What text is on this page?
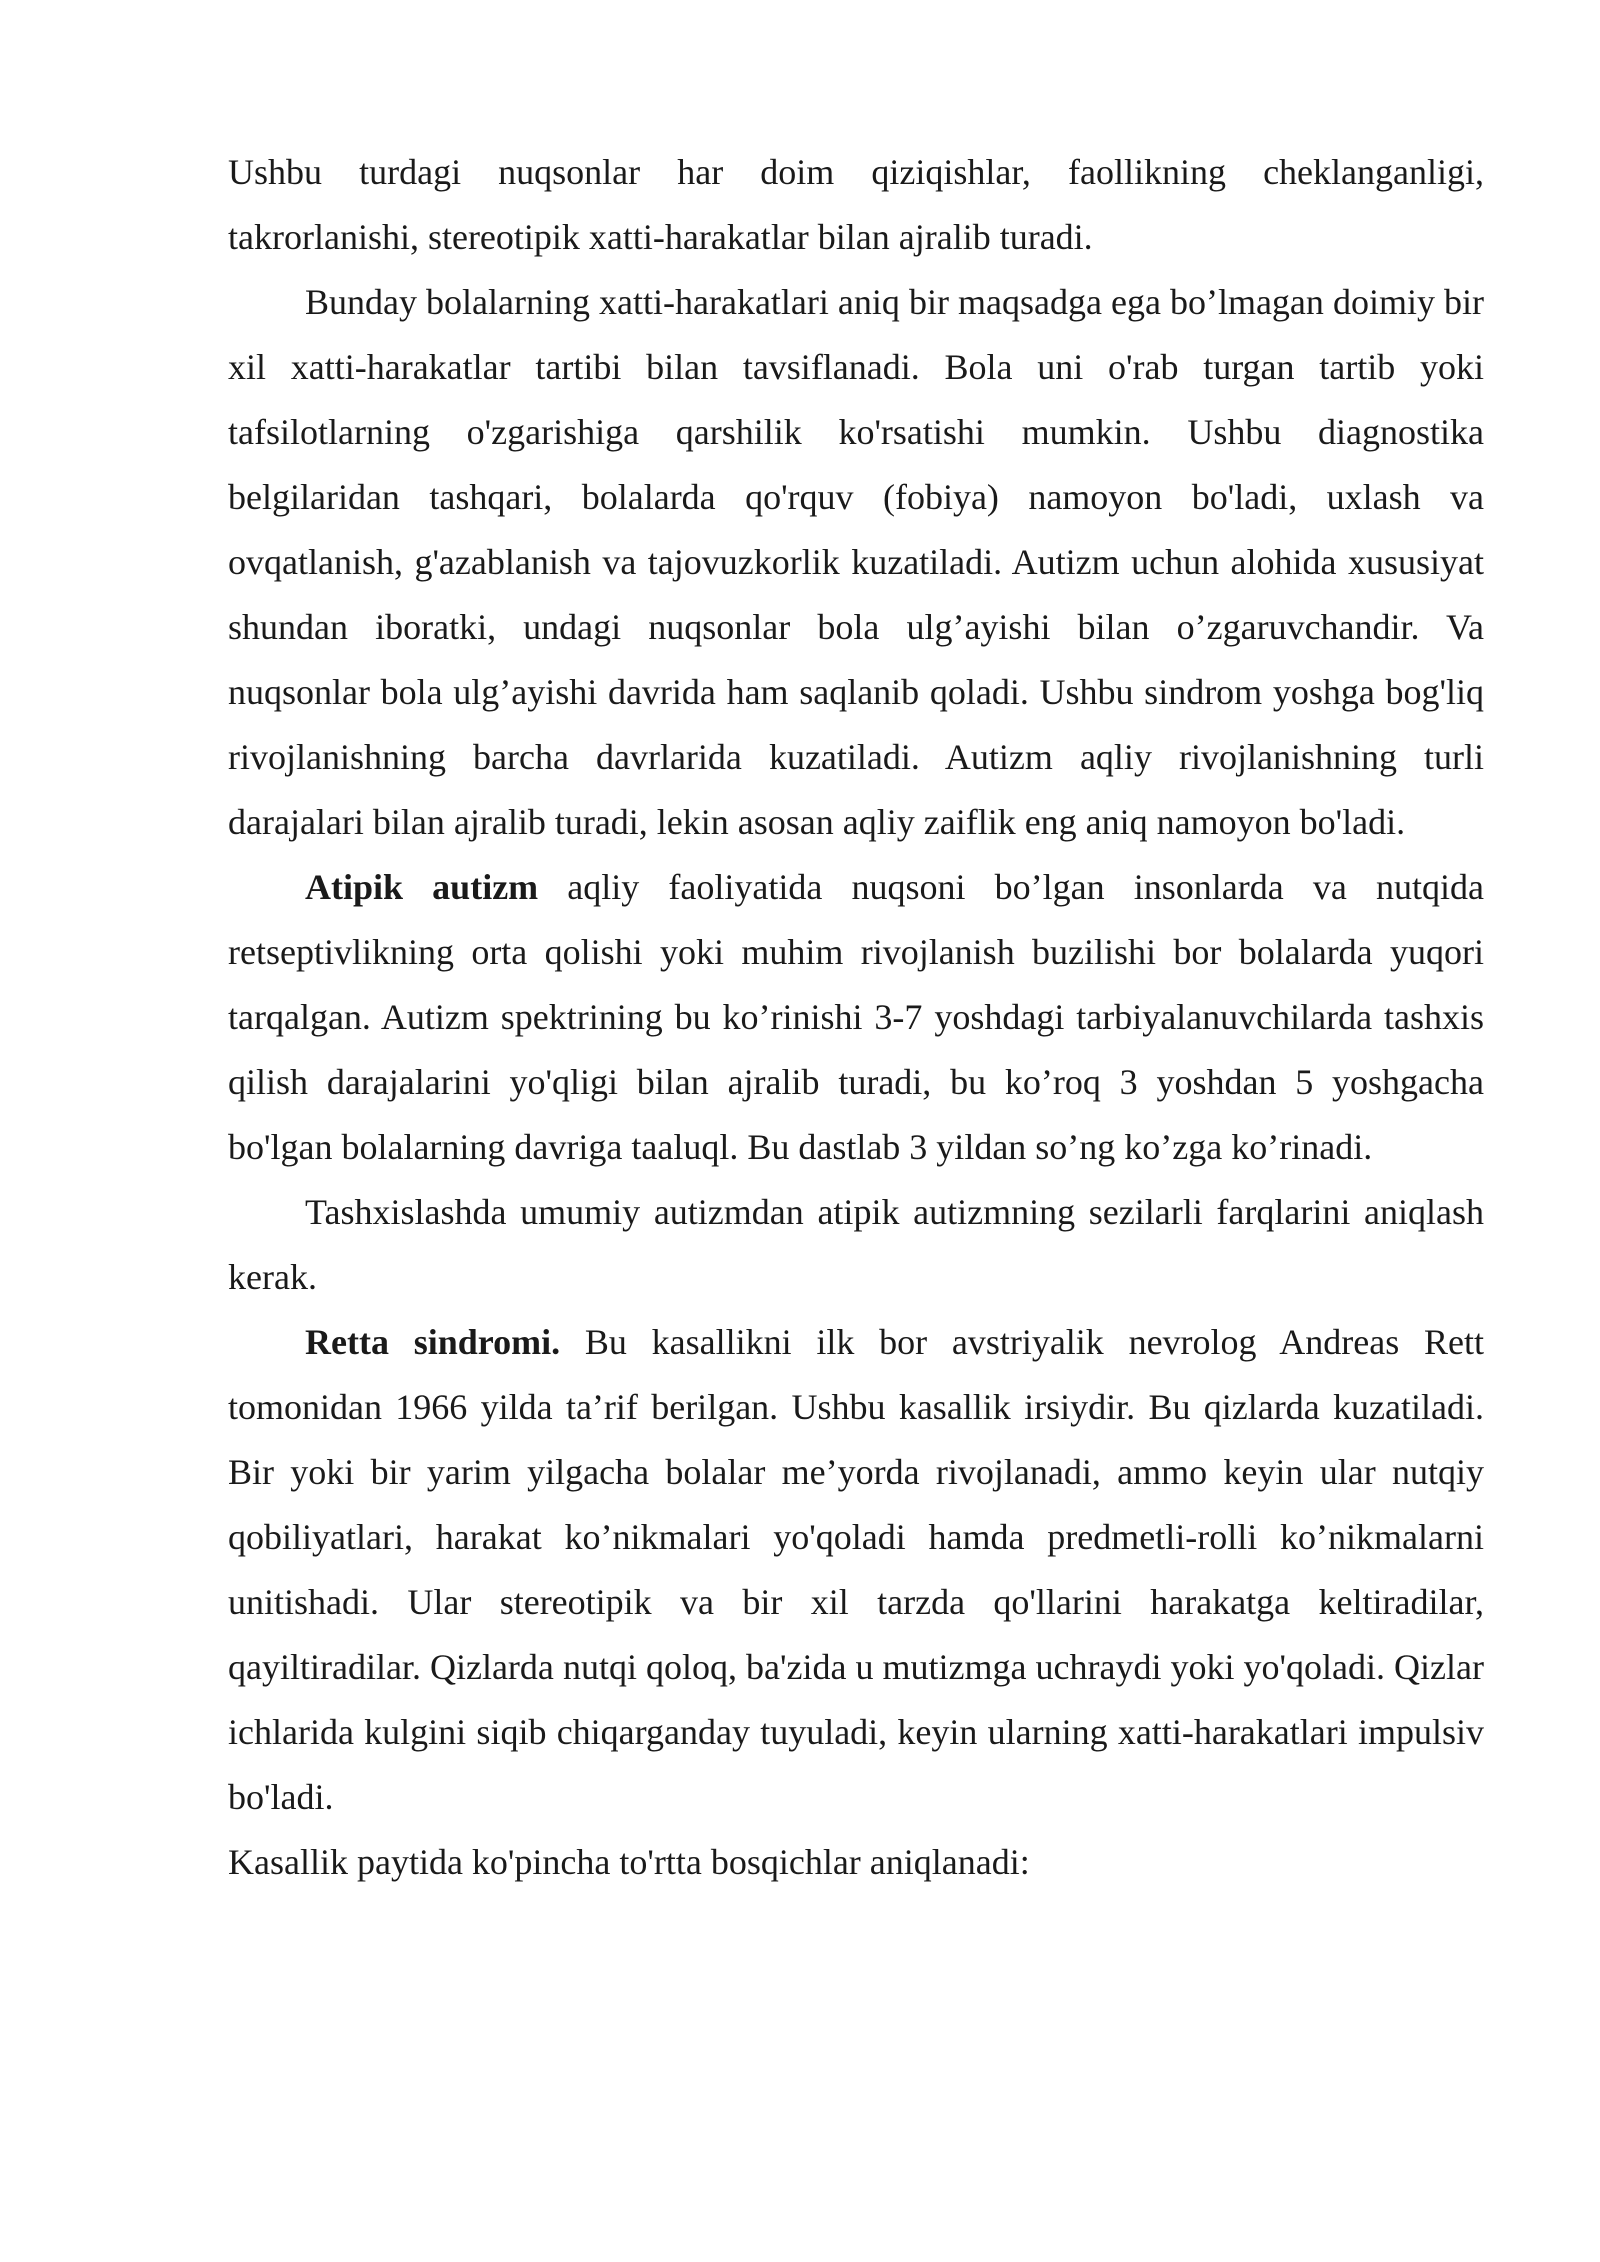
Ushbu turdagi nuqsonlar har doim qiziqishlar, faollikning cheklanganligi, takrorlanishi, stereotipik xatti-harakatlar bilan ajralib turadi.

Bunday bolalarning xatti-harakatlari aniq bir maqsadga ega bo’lmagan doimiy bir xil xatti-harakatlar tartibi bilan tavsiflanadi. Bola uni o'rab turgan tartib yoki tafsilotlarning o'zgarishiga qarshilik ko'rsatishi mumkin. Ushbu diagnostika belgilaridan tashqari, bolalarda qo'rquv (fobiya) namoyon bo'ladi, uxlash va ovqatlanish, g'azablanish va tajovuzkorlik kuzatiladi. Autizm uchun alohida xususiyat shundan iboratki, undagi nuqsonlar bola ulg’ayishi bilan o’zgaruvchandir. Va nuqsonlar bola ulg’ayishi davrida ham saqlanib qoladi. Ushbu sindrom yoshga bog'liq rivojlanishning barcha davrlarida kuzatiladi. Autizm aqliy rivojlanishning turli darajalari bilan ajralib turadi, lekin asosan aqliy zaiflik eng aniq namoyon bo'ladi.

Atipik autizm aqliy faoliyatida nuqsoni bo’lgan insonlarda va nutqida retseptivlikning orta qolishi yoki muhim rivojlanish buzilishi bor bolalarda yuqori tarqalgan. Autizm spektrining bu ko’rinishi 3-7 yoshdagi tarbiyalanuvchilarda tashxis qilish darajalarini yo'qligi bilan ajralib turadi, bu ko’roq 3 yoshdan 5 yoshgacha bo'lgan bolalarning davriga taaluql. Bu dastlab 3 yildan so’ng ko’zga ko’rinadi.

Tashxislashda umumiy autizmdan atipik autizmning sezilarli farqlarini aniqlash kerak.

Retta sindromi. Bu kasallikni ilk bor avstriyalik nevrolog Andreas Rett tomonidan 1966 yilda ta’rif berilgan. Ushbu kasallik irsiydir. Bu qizlarda kuzatiladi. Bir yoki bir yarim yilgacha bolalar me’yorda rivojlanadi, ammo keyin ular nutqiy qobiliyatlari, harakat ko’nikmalari yo'qoladi hamda predmetli-rolli ko’nikmalarni unitishadi. Ular stereotipik va bir xil tarzda qo'llarini harakatga keltiradilar, qayiltiradilar. Qizlarda nutqi qoloq, ba'zida u mutizmga uchraydi yoki yo'qoladi. Qizlar ichlarida kulgini siqib chiqarganday tuyuladi, keyin ularning xatti-harakatlari impulsiv bo'ladi.

Kasallik paytida ko'pincha to'rtta bosqichlar aniqlanadi:
